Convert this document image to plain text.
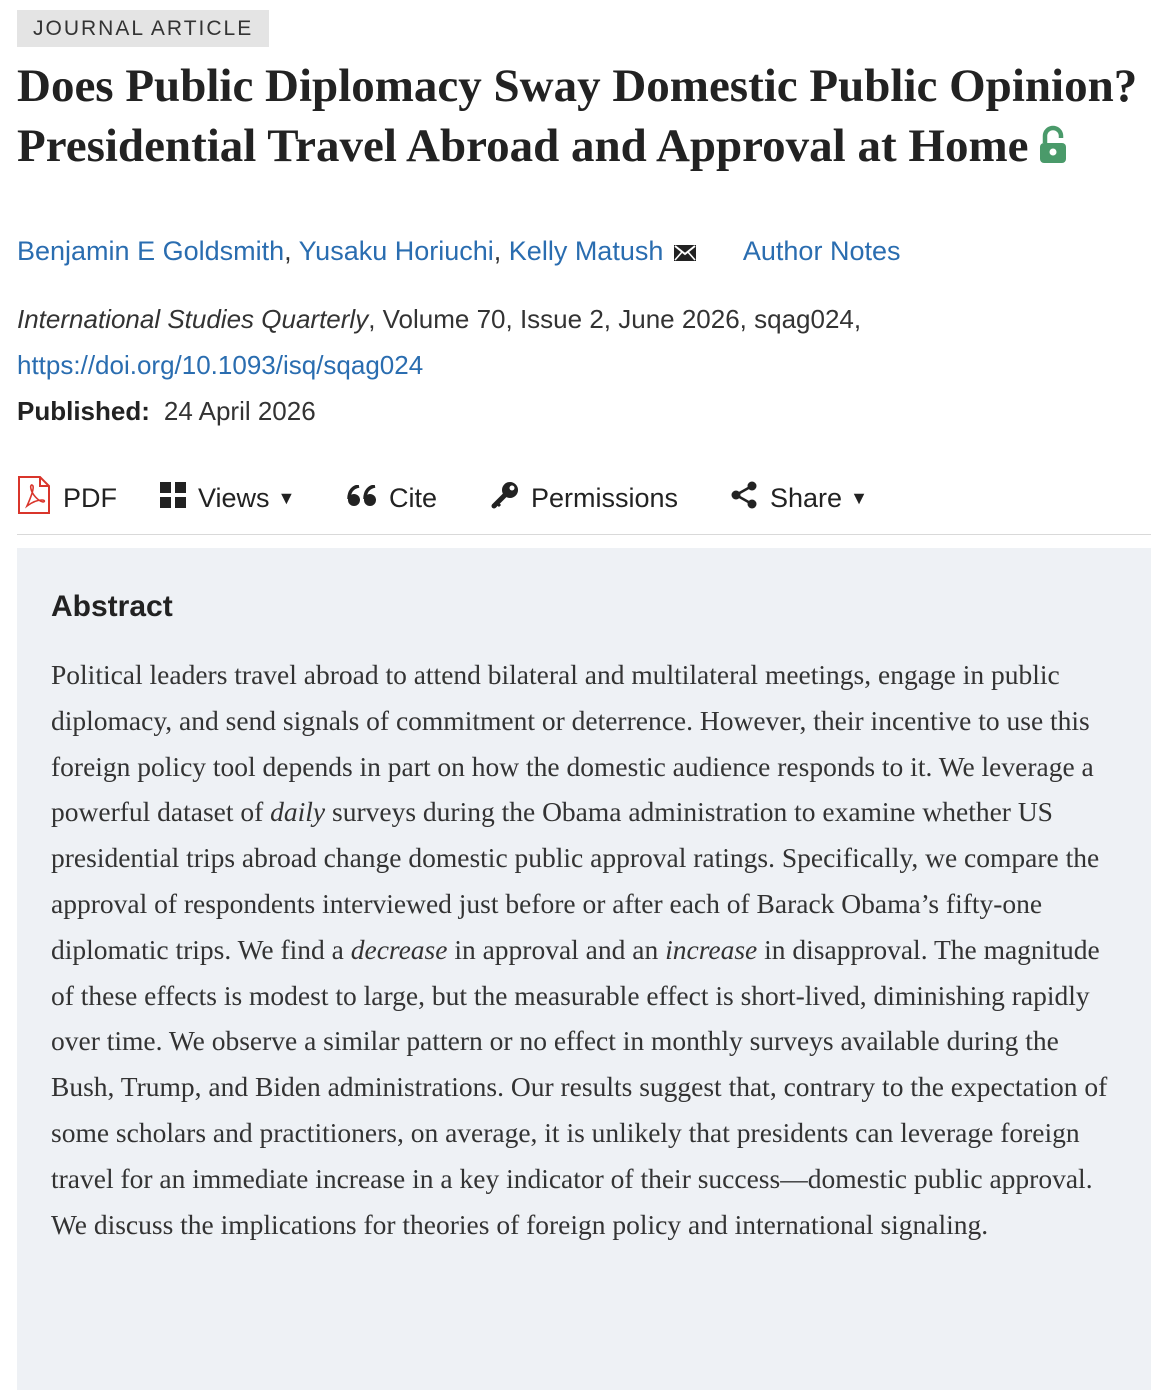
JOURNAL ARTICLE
Does Public Diplomacy Sway Domestic Public Opinion? Presidential Travel Abroad and Approval at Home
Benjamin E Goldsmith, Yusaku Horiuchi, Kelly Matush	Author Notes
International Studies Quarterly, Volume 70, Issue 2, June 2026, sqag024,
https://doi.org/10.1093/isq/sqag024
Published: 24 April 2026
PDF	Views ▼	Cite	Permissions	Share ▼
Abstract

Political leaders travel abroad to attend bilateral and multilateral meetings, engage in public diplomacy, and send signals of commitment or deterrence. However, their incentive to use this foreign policy tool depends in part on how the domestic audience responds to it. We leverage a powerful dataset of daily surveys during the Obama administration to examine whether US presidential trips abroad change domestic public approval ratings. Specifically, we compare the approval of respondents interviewed just before or after each of Barack Obama’s fifty-one diplomatic trips. We find a decrease in approval and an increase in disapproval. The magnitude of these effects is modest to large, but the measurable effect is short-lived, diminishing rapidly over time. We observe a similar pattern or no effect in monthly surveys available during the Bush, Trump, and Biden administrations. Our results suggest that, contrary to the expectation of some scholars and practitioners, on average, it is unlikely that presidents can leverage foreign travel for an immediate increase in a key indicator of their success—domestic public approval. We discuss the implications for theories of foreign policy and international signaling.
